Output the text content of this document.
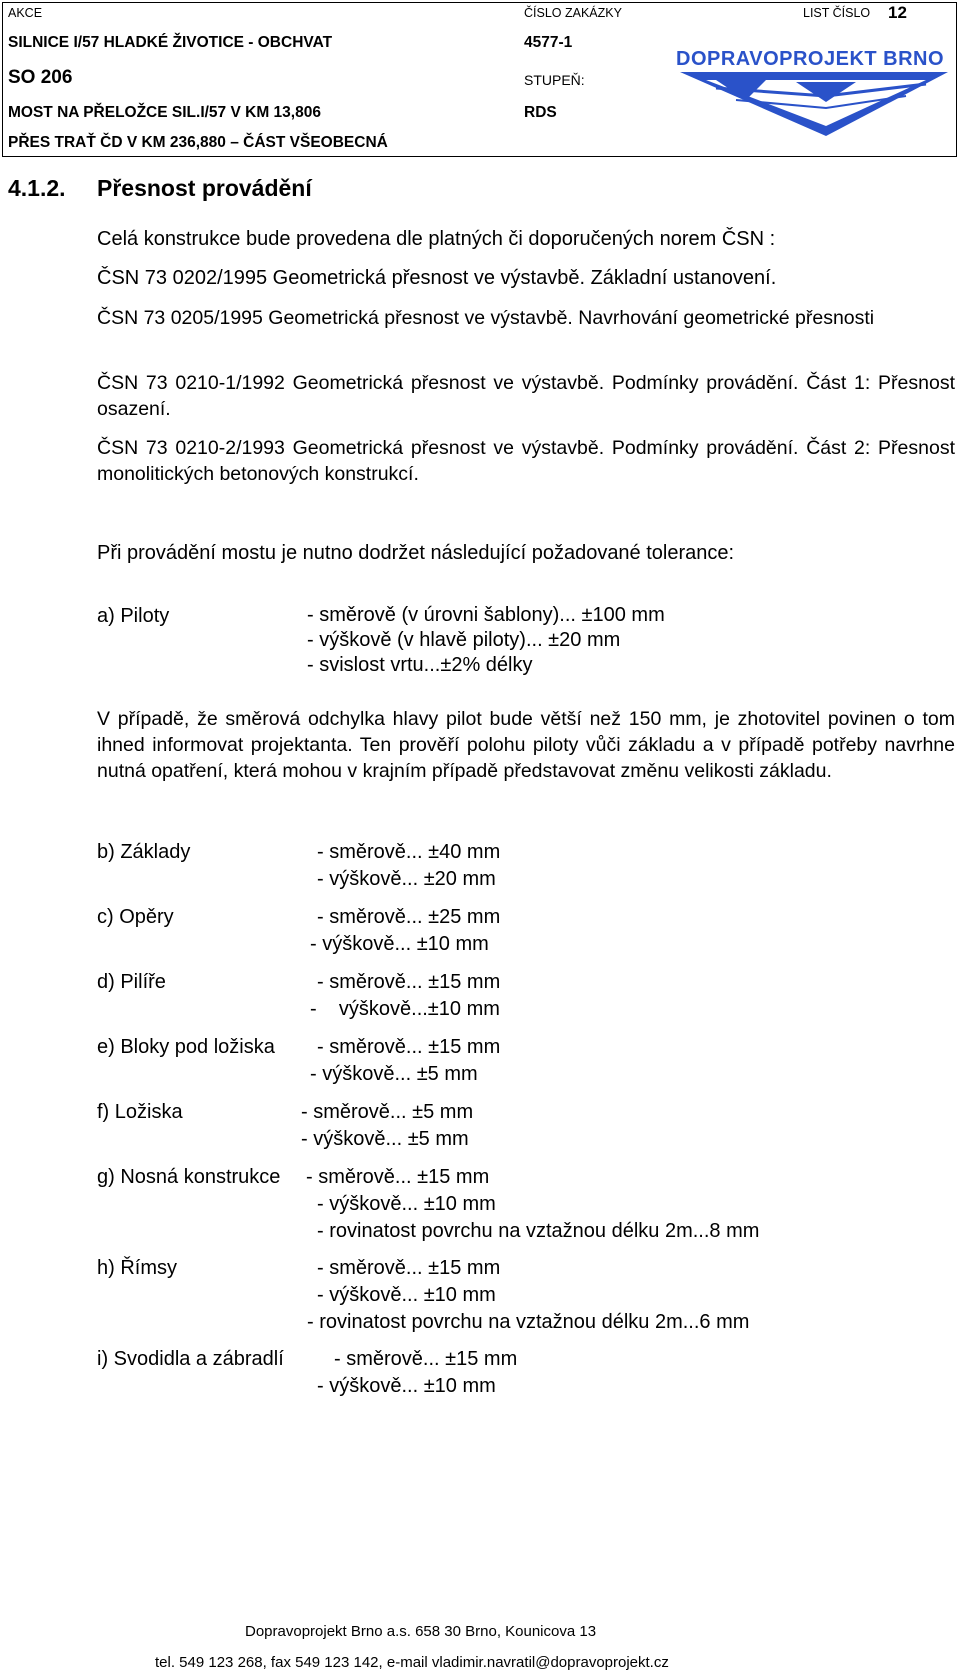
AKCE
SILNICE I/57 HLADKÉ ŽIVOTICE - OBCHVAT
SO 206
MOST NA PŘELOŽCE SIL.I/57 V KM 13,806
PŘES TRAŤ ČD V KM 236,880 – ČÁST VŠEOBECNÁ
ČÍSLO ZAKÁZKY
4577-1
STUPEŇ:
RDS
LIST ČÍSLO 12
DOPRAVOPROJEKT BRNO
4.1.2. Přesnost provádění
Celá konstrukce bude provedena dle platných či doporučených norem ČSN :
ČSN 73 0202/1995 Geometrická přesnost ve výstavbě. Základní ustanovení.
ČSN 73 0205/1995 Geometrická přesnost ve výstavbě. Navrhování geometrické přesnosti
ČSN 73 0210-1/1992 Geometrická přesnost ve výstavbě. Podmínky provádění. Část 1: Přesnost osazení.
ČSN 73 0210-2/1993 Geometrická přesnost ve výstavbě. Podmínky provádění. Část 2: Přesnost monolitických betonových konstrukcí.
Při provádění mostu je nutno dodržet následující požadované tolerance:
a) Piloty	- směrově (v úrovni šablony)... ±100 mm
- výškově (v hlavě piloty)... ±20 mm
- svislost vrtu...±2% délky
V případě, že směrová odchylka hlavy pilot bude větší než 150 mm, je zhotovitel povinen o tom ihned informovat projektanta. Ten prověří polohu piloty vůči základu a v případě potřeby navrhne nutná opatření, která mohou v krajním případě představovat změnu velikosti základu.
b) Základy	- směrově... ±40 mm
- výškově... ±20 mm
c) Opěry	- směrově... ±25 mm
- výškově... ±10 mm
d) Pilíře	- směrově... ±15 mm
-    výškově...±10 mm
e) Bloky pod ložiska - směrově... ±15 mm
- výškově... ±5 mm
f) Ložiska	- směrově... ±5 mm
- výškově... ±5 mm
g) Nosná konstrukce - směrově... ±15 mm
- výškově... ±10 mm
- rovinatost povrchu na vztažnou délku 2m...8 mm
h) Římsy	- směrově... ±15 mm
- výškově... ±10 mm
- rovinatost povrchu na vztažnou délku 2m...6 mm
i) Svodidla a zábradlí	- směrově... ±15 mm
- výškově... ±10 mm
Dopravoprojekt Brno a.s. 658 30 Brno, Kounicova 13
tel. 549 123 268, fax 549 123 142, e-mail vladimir.navratil@dopravoprojekt.cz
